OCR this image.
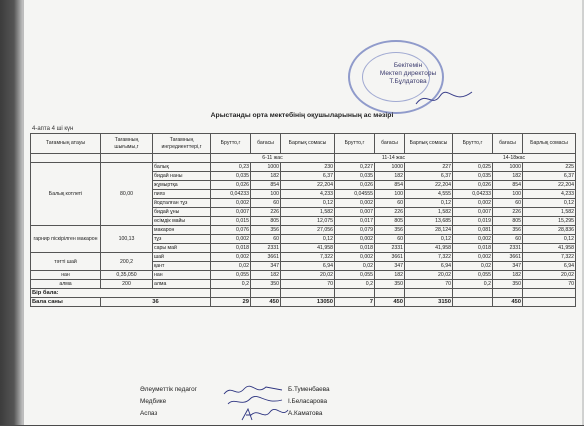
Бекітемін
Мектеп директоры
Т.Бұлдатова
Арыстанды орта мектебінің оқушыларының ас мәзірі
4-апта 4 ші күн
Тағамның атауы	Тағамның шығымы,г	Тағамның ингредиенттері,г	Брутто,г	бағасы	Барлық сомасы	Брутто,г	бағасы	Барлық сомасы	Брутто,г	бағасы	Барлық сомасы
			6-11 жас			11-14 жас			14-18жас		
Балық котлеті	80,00	балық	0,23	1000	230	0,227	1000	227	0,025	1000	225
		бидай наны	0,035	182	6,37	0,035	182	6,37	0,035	182	6,37
		жұмыртқа	0,026	854	22,204	0,026	854	22,204	0,026	854	22,204
		пияз	0,04233	100	4,233	0,04555	100	4,555	0,04233	100	4,233
		йодталған тұз	0,002	60	0,12	0,002	60	0,12	0,002	60	0,12
		бидай ұны	0,007	226	1,582	0,007	226	1,582	0,007	226	1,582
		өсімдік майы	0,015	805	12,075	0,017	805	13,685	0,019	805	15,295
гарнир піскірілген макарон	100,13	макарон	0,076	356	27,056	0,079	356	28,124	0,081	356	28,836
		тұз	0,002	60	0,12	0,002	60	0,12	0,002	60	0,12
		сары май	0,018	2331	41,958	0,018	2331	41,958	0,018	2331	41,958
тәтті шай	200,2	шай	0,002	3661	7,322	0,002	3661	7,322	0,002	3661	7,322
		қант	0,02	347	6,94	0,02	347	6,94	0,02	347	6,94
нан	0,35,050	нан	0,055	182	20,02	0,055	182	20,02	0,055	182	20,02
алма	200	алма	0,2	350	70	0,2	350	70	0,2	350	70
Бір бала:											
Бала саны	36		29	450	13050	7	450	3150		450	
Әлеуметтік педагог	Б.Туменбаева
Медбике	І.Беласарова
Аспаз	А.Каматова
